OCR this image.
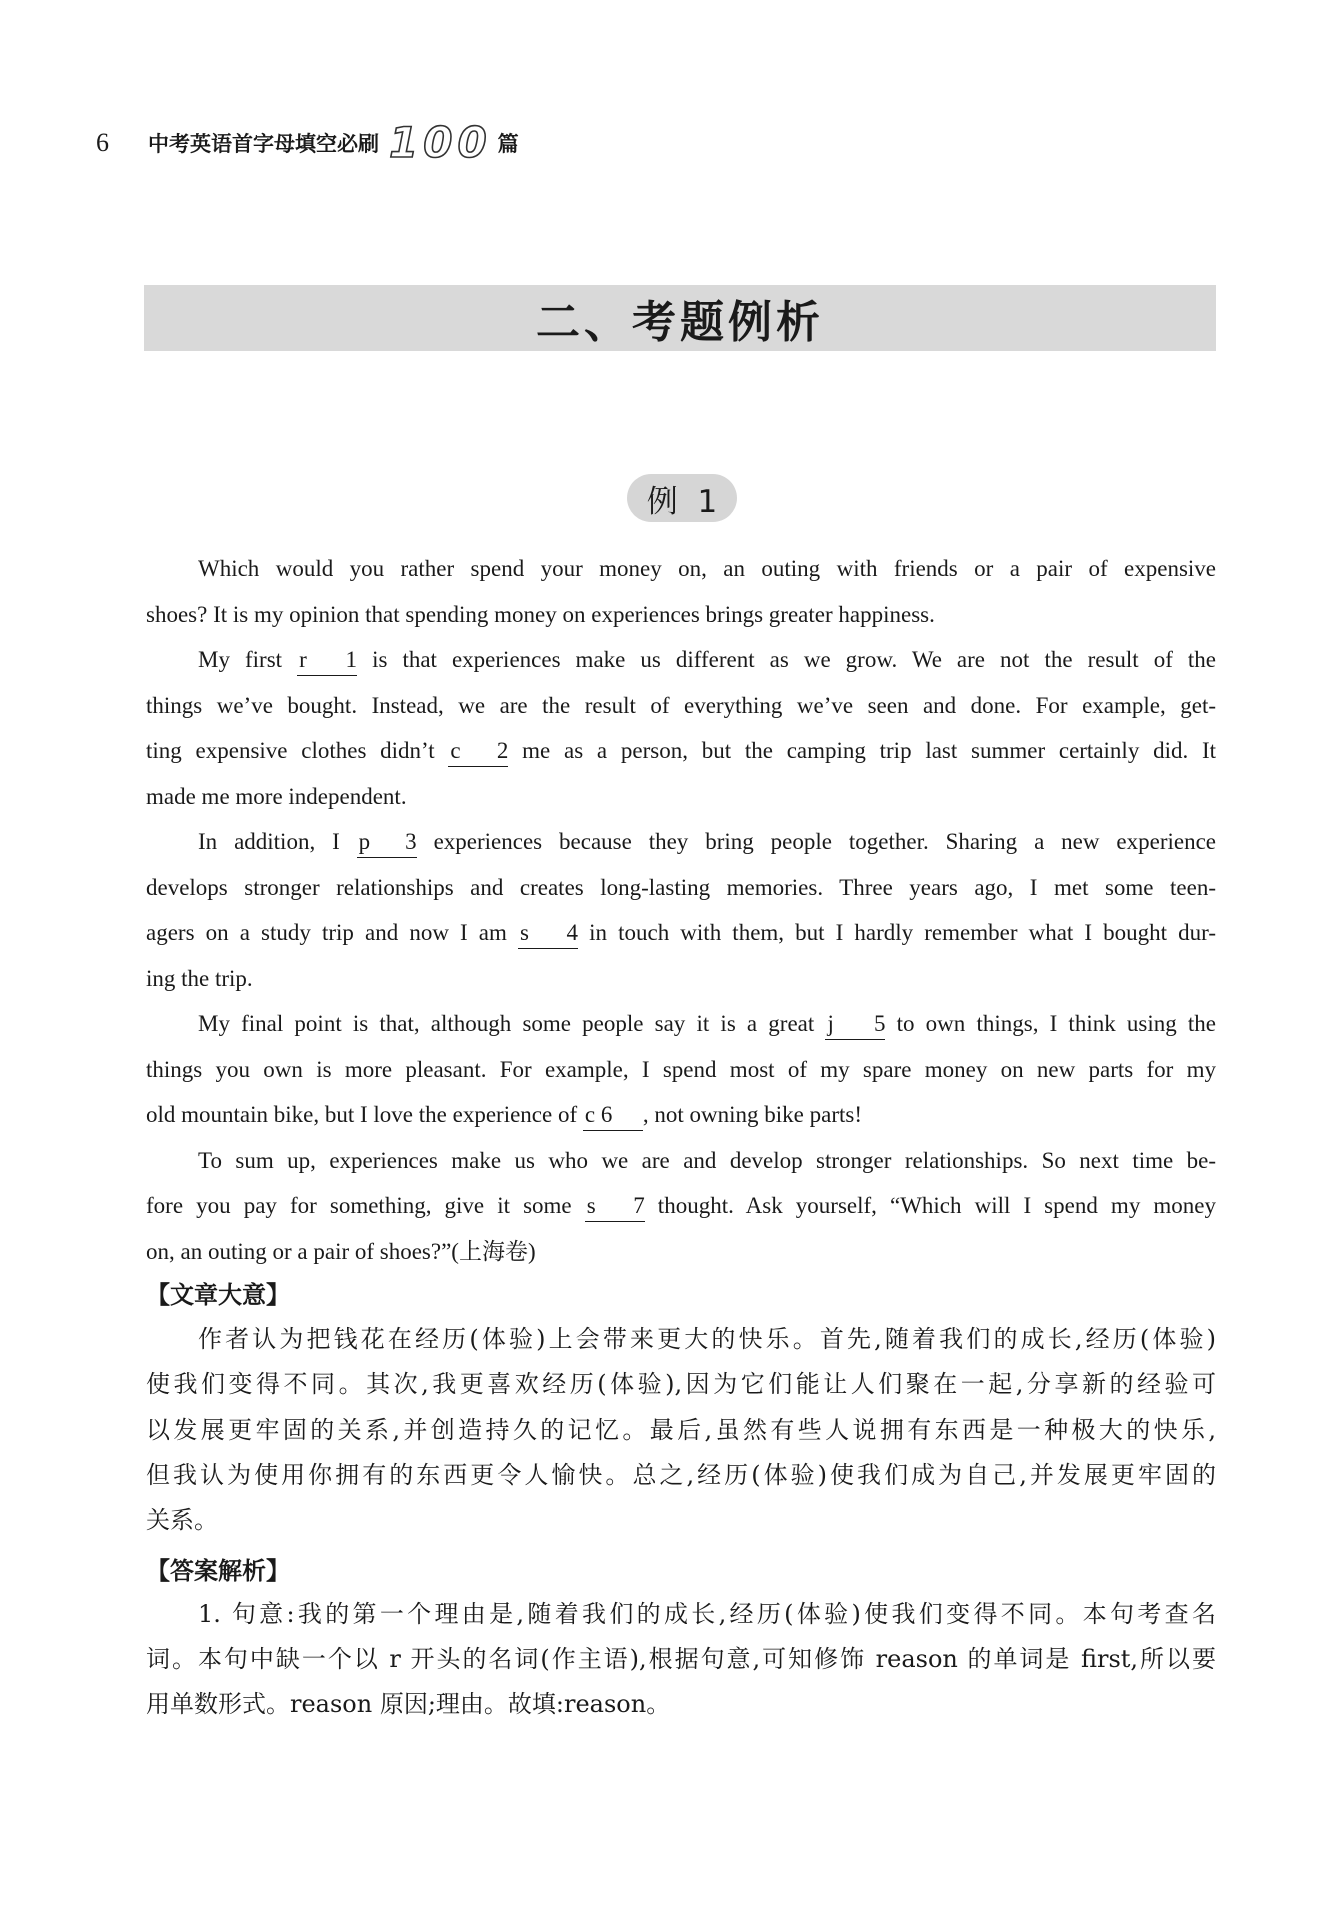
6	中考英语首字母填空必刷 100 篇
二、考题例析
例  1
Which would you rather spend your money on, an outing with friends or a pair of expensive
shoes? It is my opinion that spending money on experiences brings greater happiness.
My first r 1 is that experiences make us different as we grow. We are not the result of the
things we’ve bought. Instead, we are the result of everything we’ve seen and done. For example, get-
ting expensive clothes didn’t c 2 me as a person, but the camping trip last summer certainly did. It
made me more independent.
In addition, I p 3 experiences because they bring people together. Sharing a new experience
develops stronger relationships and creates long-lasting memories. Three years ago, I met some teen-
agers on a study trip and now I am s 4 in touch with them, but I hardly remember what I bought dur-
ing the trip.
My final point is that, although some people say it is a great j 5 to own things, I think using the
things you own is more pleasant. For example, I spend most of my spare money on new parts for my
old mountain bike, but I love the experience of c 6, not owning bike parts!
To sum up, experiences make us who we are and develop stronger relationships. So next time be-
fore you pay for something, give it some s 7 thought. Ask yourself, “Which will I spend my money
on, an outing or a pair of shoes?”(上海卷)
【文章大意】
作者认为把钱花在经历(体验)上会带来更大的快乐。首先,随着我们的成长,经历(体验)
使我们变得不同。其次,我更喜欢经历(体验),因为它们能让人们聚在一起,分享新的经验可
以发展更牢固的关系,并创造持久的记忆。最后,虽然有些人说拥有东西是一种极大的快乐,
但我认为使用你拥有的东西更令人愉快。总之,经历(体验)使我们成为自己,并发展更牢固的
关系。
【答案解析】
1. 句意:我的第一个理由是,随着我们的成长,经历(体验)使我们变得不同。本句考查名
词。本句中缺一个以 r 开头的名词(作主语),根据句意,可知修饰 reason 的单词是 first,所以要
用单数形式。reason 原因;理由。故填:reason。
